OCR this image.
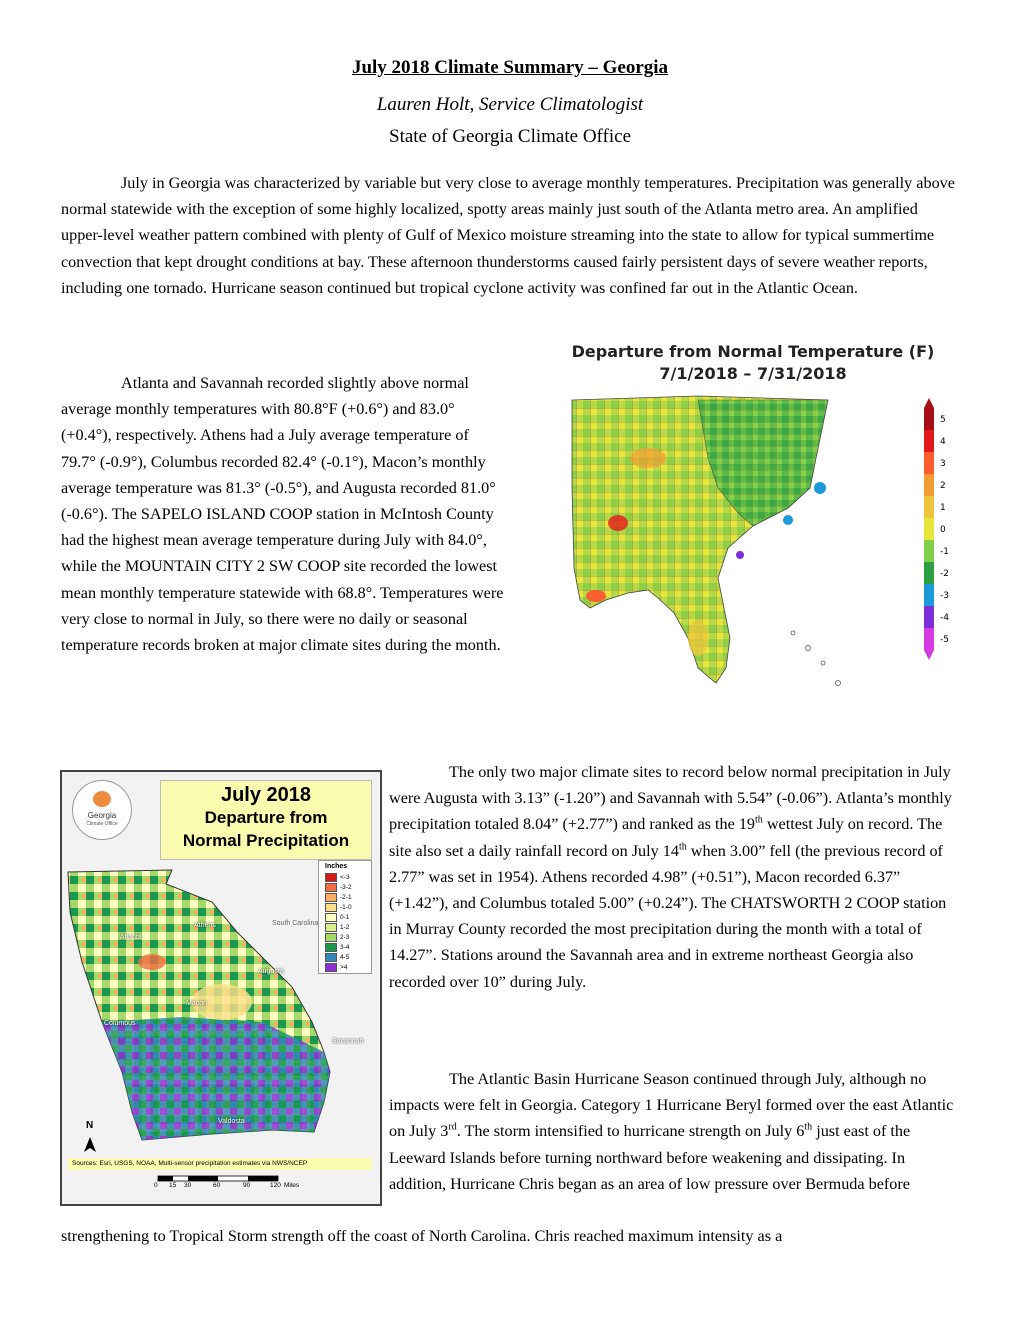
July 2018 Climate Summary – Georgia
Lauren Holt, Service Climatologist
State of Georgia Climate Office

July in Georgia was characterized by variable but very close to average monthly temperatures. Precipitation was generally above normal statewide with the exception of some highly localized, spotty areas mainly just south of the Atlanta metro area. An amplified upper-level weather pattern combined with plenty of Gulf of Mexico moisture streaming into the state to allow for typical summertime convection that kept drought conditions at bay. These afternoon thunderstorms caused fairly persistent days of severe weather reports, including one tornado. Hurricane season continued but tropical cyclone activity was confined far out in the Atlantic Ocean.

Departure from Normal Temperature (F)
7/1/2018 – 7/31/2018
5
4
3
2
1
0
-1
-2
-3
-4
-5

Atlanta and Savannah recorded slightly above normal average monthly temperatures with 80.8°F (+0.6°) and 83.0° (+0.4°), respectively. Athens had a July average temperature of 79.7° (-0.9°), Columbus recorded 82.4° (-0.1°), Macon’s monthly average temperature was 81.3° (-0.5°), and Augusta recorded 81.0° (-0.6°). The SAPELO ISLAND COOP station in McIntosh County had the highest mean average temperature during July with 84.0°, while the MOUNTAIN CITY 2 SW COOP site recorded the lowest mean monthly temperature statewide with 68.8°. Temperatures were very close to normal in July, so there were no daily or seasonal temperature records broken at major climate sites during the month.

Georgia
Climate Office
July 2018
Departure from
Normal Precipitation
Inches
<-3
-3-2
-2-1
-1-0
0-1
1-2
2-3
3-4
4-5
>4
Atlanta
Athens
Augusta
Macon
Columbus
Savannah
Valdosta
South Carolina
N
Sources: Esri, USGS, NOAA, Multi-sensor precipitation estimates via NWS/NCEP
0 15 30	60	90	120 Miles

The only two major climate sites to record below normal precipitation in July were Augusta with 3.13” (-1.20”) and Savannah with 5.54” (-0.06”). Atlanta’s monthly precipitation totaled 8.04” (+2.77”) and ranked as the 19th wettest July on record. The site also set a daily rainfall record on July 14th when 3.00” fell (the previous record of 2.77” was set in 1954). Athens recorded 4.98” (+0.51”), Macon recorded 6.37” (+1.42”), and Columbus totaled 5.00” (+0.24”). The CHATSWORTH 2 COOP station in Murray County recorded the most precipitation during the month with a total of 14.27”. Stations around the Savannah area and in extreme northeast Georgia also recorded over 10” during July.

The Atlantic Basin Hurricane Season continued through July, although no impacts were felt in Georgia. Category 1 Hurricane Beryl formed over the east Atlantic on July 3rd. The storm intensified to hurricane strength on July 6th just east of the Leeward Islands before turning northward before weakening and dissipating. In addition, Hurricane Chris began as an area of low pressure over Bermuda before

strengthening to Tropical Storm strength off the coast of North Carolina. Chris reached maximum intensity as a
